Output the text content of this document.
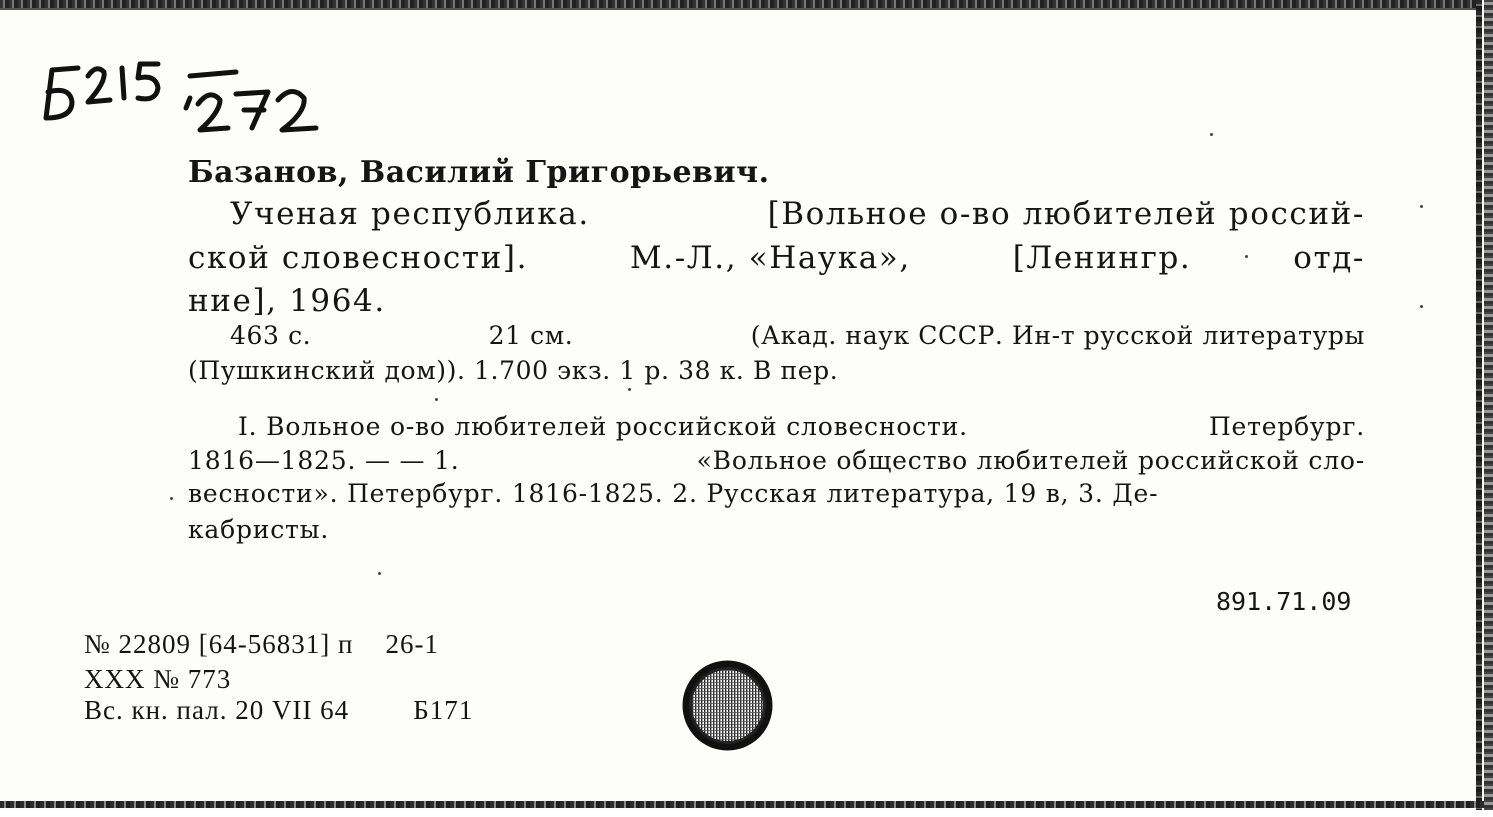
Базанов, Василий Григорьевич.
Ученая республика.	[Вольное о-во любителей россий-
ской словесности].	М.-Л., «Наука»,	[Ленингр.	отд-
ние], 1964.
463 с.	21 см.	(Акад. наук СССР. Ин-т русской литературы
(Пушкинский дом)). 1.700 экз. 1 р. 38 к. В пер.
I. Вольное о-во любителей российской словесности.	Петербург.
1816—1825. — — 1.	«Вольное общество любителей российской сло-
весности». Петербург. 1816-1825. 2. Русская литература, 19 в, 3. Де-
кабристы.
891.71.09
№ 22809 [64-56831] п 26-1
XXX № 773
Вс. кн. пал. 20 VII 64 Б171
